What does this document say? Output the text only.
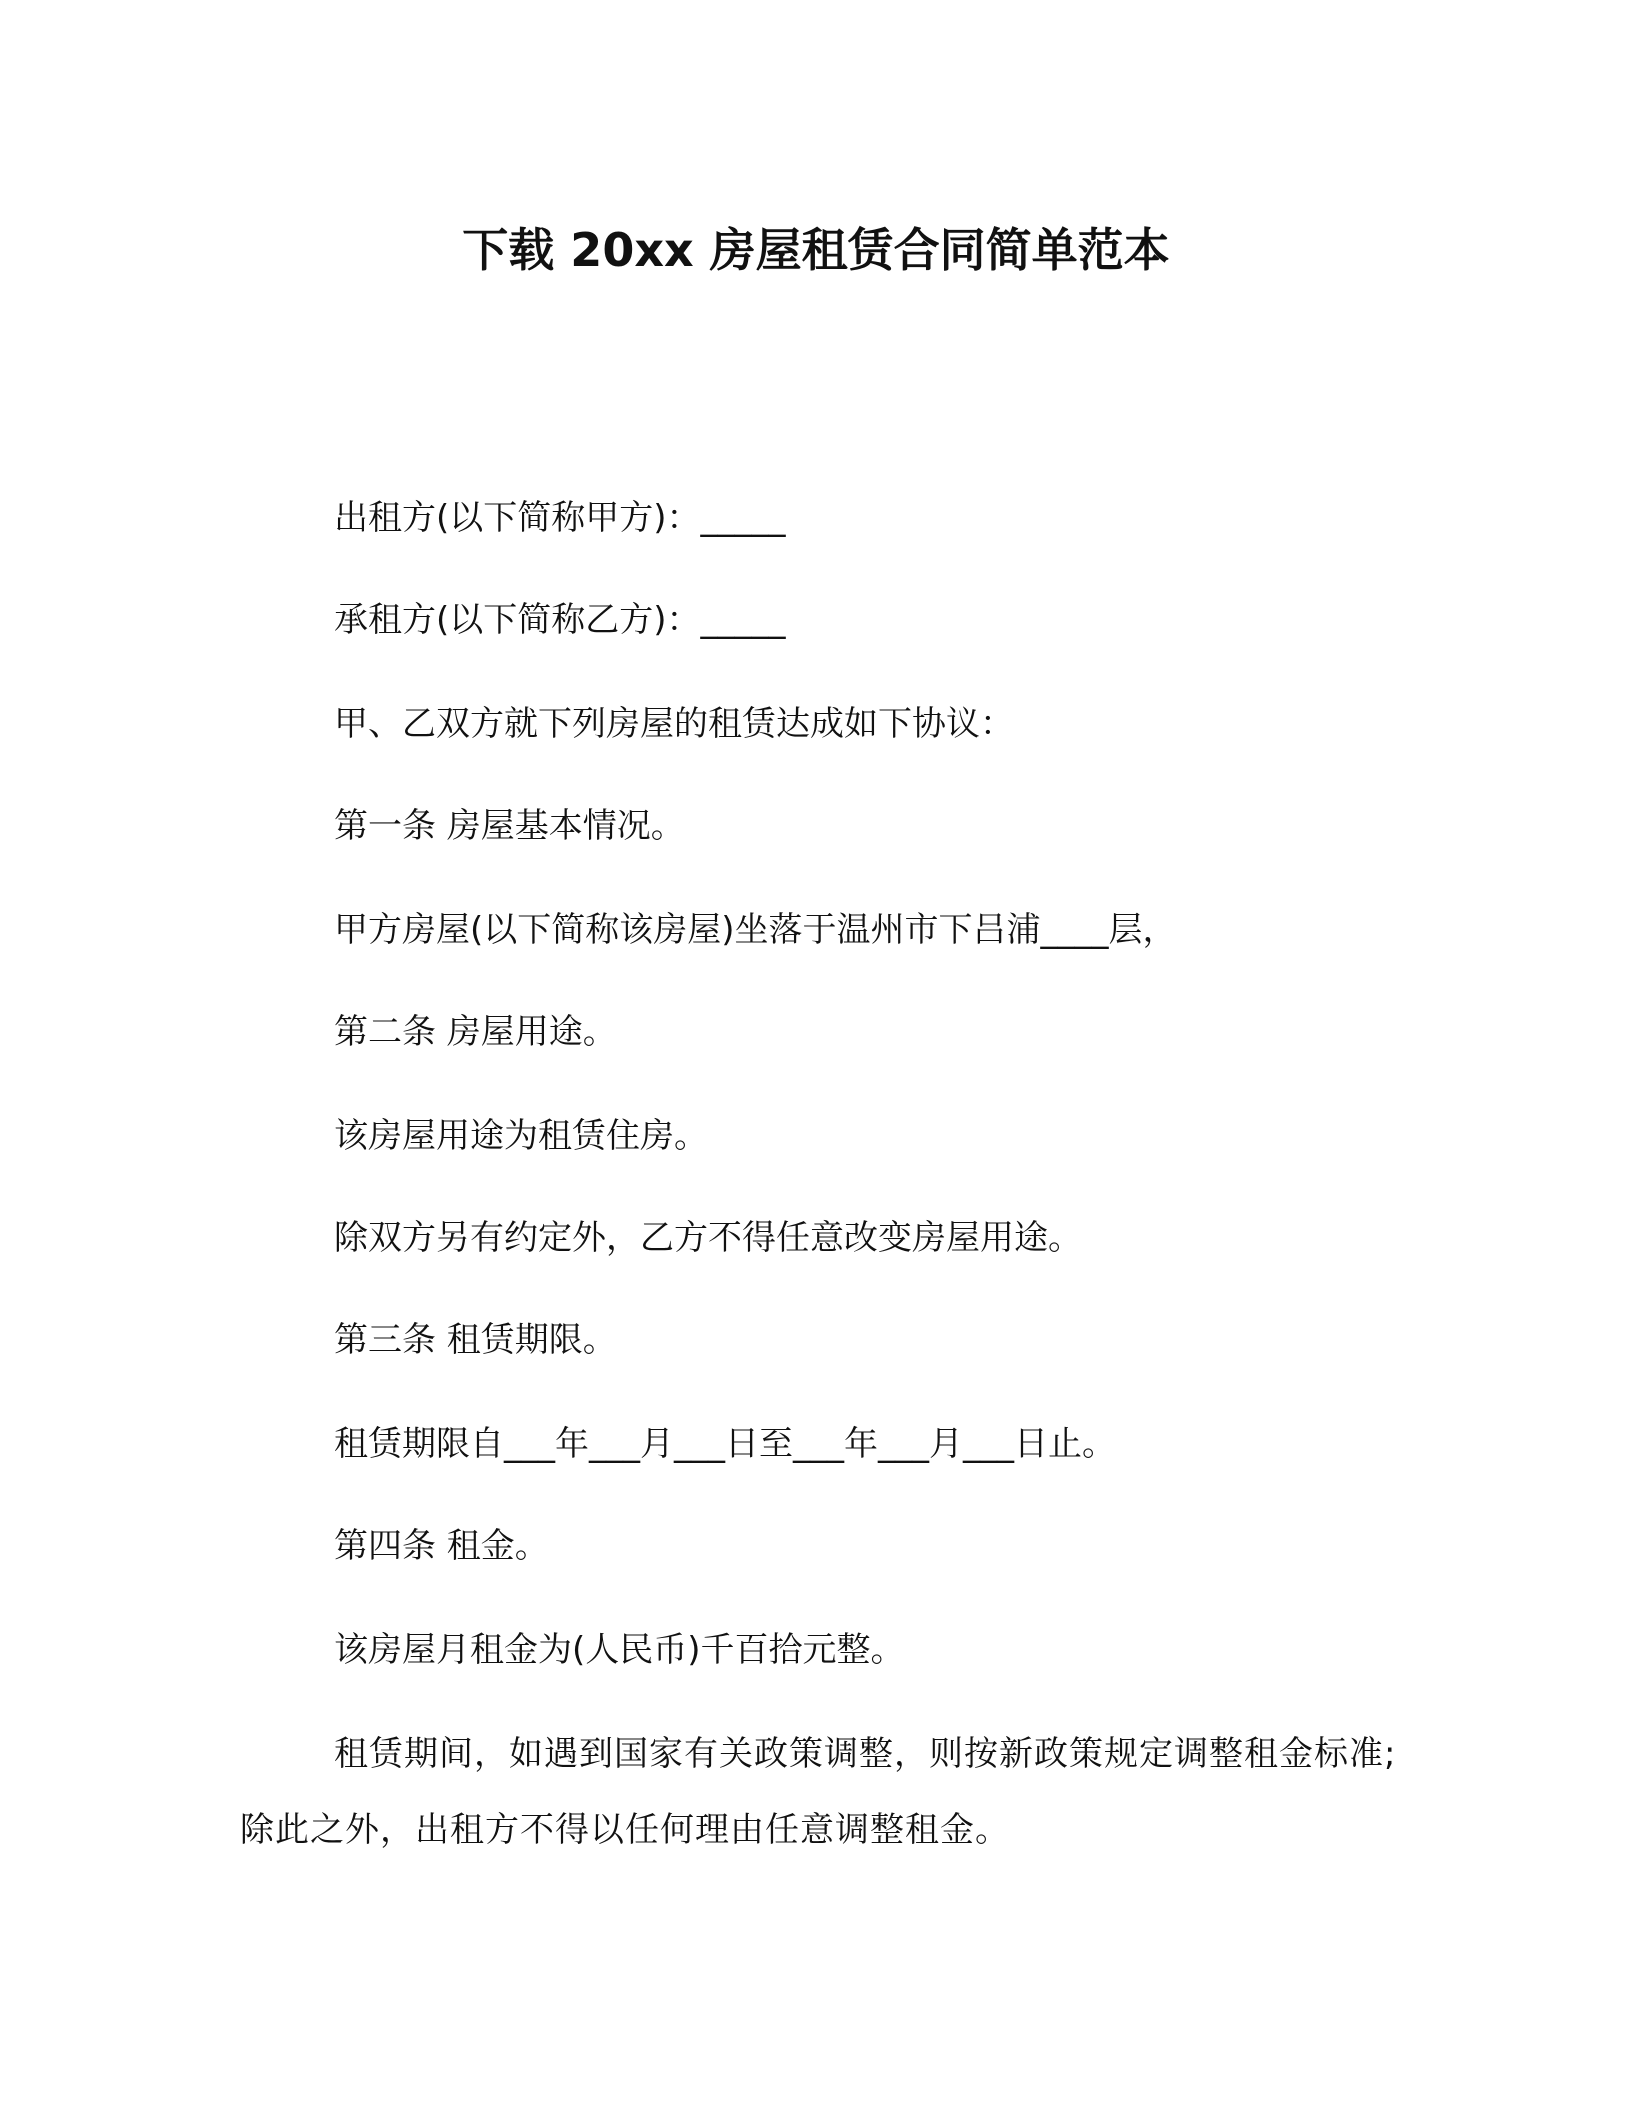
下载 20xx 房屋租赁合同简单范本

出租方(以下简称甲方)：_____

承租方(以下简称乙方)：_____

甲、乙双方就下列房屋的租赁达成如下协议：

第一条 房屋基本情况。

甲方房屋(以下简称该房屋)坐落于温州市下吕浦____层，

第二条 房屋用途。

该房屋用途为租赁住房。

除双方另有约定外，乙方不得任意改变房屋用途。

第三条 租赁期限。

租赁期限自___年___月___日至___年___月___日止。

第四条 租金。

该房屋月租金为(人民币)千百拾元整。

租赁期间，如遇到国家有关政策调整，则按新政策规定调整租金标准;除此之外，出租方不得以任何理由任意调整租金。
